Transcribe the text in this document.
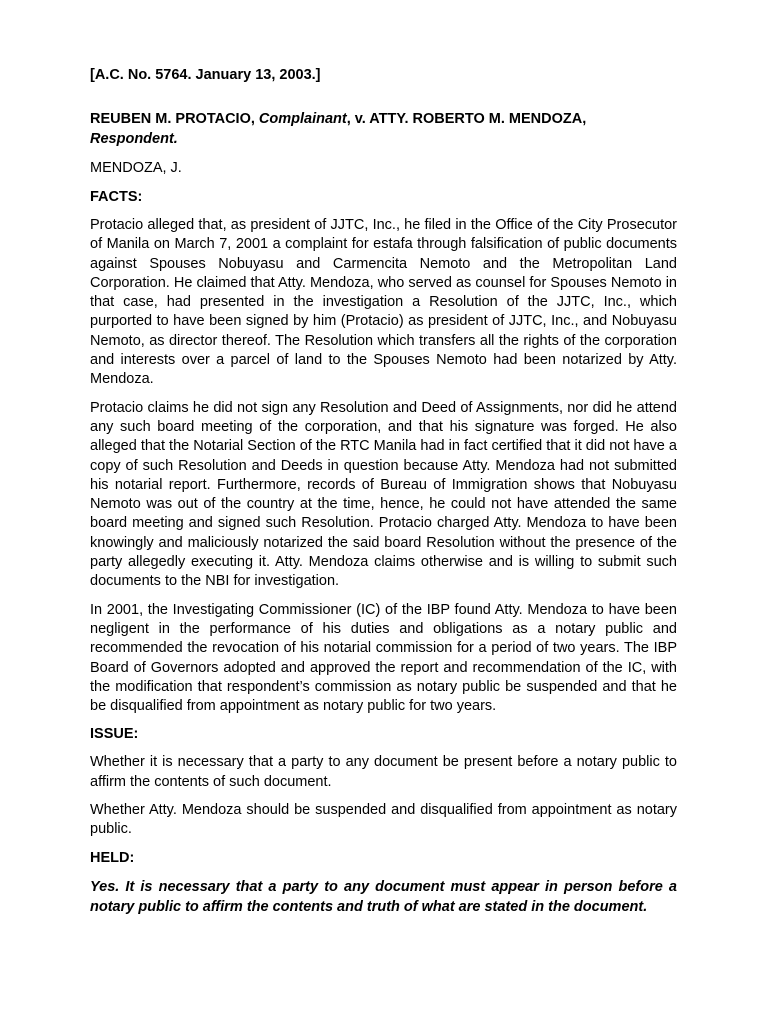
[A.C. No. 5764. January 13, 2003.]
REUBEN M. PROTACIO, Complainant, v. ATTY. ROBERTO M. MENDOZA, Respondent.
MENDOZA, J.
FACTS:

Protacio alleged that, as president of JJTC, Inc., he filed in the Office of the City Prosecutor of Manila on March 7, 2001 a complaint for estafa through falsification of public documents against Spouses Nobuyasu and Carmencita Nemoto and the Metropolitan Land Corporation. He claimed that Atty. Mendoza, who served as counsel for Spouses Nemoto in that case, had presented in the investigation a Resolution of the JJTC, Inc., which purported to have been signed by him (Protacio) as president of JJTC, Inc., and Nobuyasu Nemoto, as director thereof. The Resolution which transfers all the rights of the corporation and interests over a parcel of land to the Spouses Nemoto had been notarized by Atty. Mendoza.

Protacio claims he did not sign any Resolution and Deed of Assignments, nor did he attend any such board meeting of the corporation, and that his signature was forged. He also alleged that the Notarial Section of the RTC Manila had in fact certified that it did not have a copy of such Resolution and Deeds in question because Atty. Mendoza had not submitted his notarial report. Furthermore, records of Bureau of Immigration shows that Nobuyasu Nemoto was out of the country at the time, hence, he could not have attended the same board meeting and signed such Resolution. Protacio charged Atty. Mendoza to have been knowingly and maliciously notarized the said board Resolution without the presence of the party allegedly executing it. Atty. Mendoza claims otherwise and is willing to submit such documents to the NBI for investigation.

In 2001, the Investigating Commissioner (IC) of the IBP found Atty. Mendoza to have been negligent in the performance of his duties and obligations as a notary public and recommended the revocation of his notarial commission for a period of two years. The IBP Board of Governors adopted and approved the report and recommendation of the IC, with the modification that respondent’s commission as notary public be suspended and that he be disqualified from appointment as notary public for two years.

ISSUE:

Whether it is necessary that a party to any document be present before a notary public to affirm the contents of such document.

Whether Atty. Mendoza should be suspended and disqualified from appointment as notary public.

HELD:

Yes. It is necessary that a party to any document must appear in person before a notary public to affirm the contents and truth of what are stated in the document.
